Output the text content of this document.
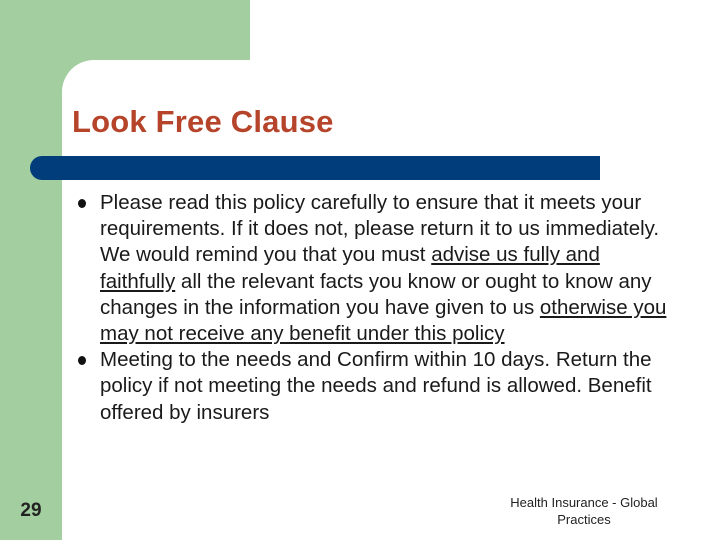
Look Free Clause
Please read this policy carefully to ensure that it meets your requirements. If it does not, please return it to us immediately. We would remind you that you must advise us fully and faithfully all the relevant facts you know or ought to know any changes in the information you have given to us otherwise you may not receive any benefit under this policy
Meeting to the needs and Confirm within 10 days. Return the policy if not meeting the needs and refund is allowed. Benefit offered by insurers
29	Health Insurance - Global Practices
